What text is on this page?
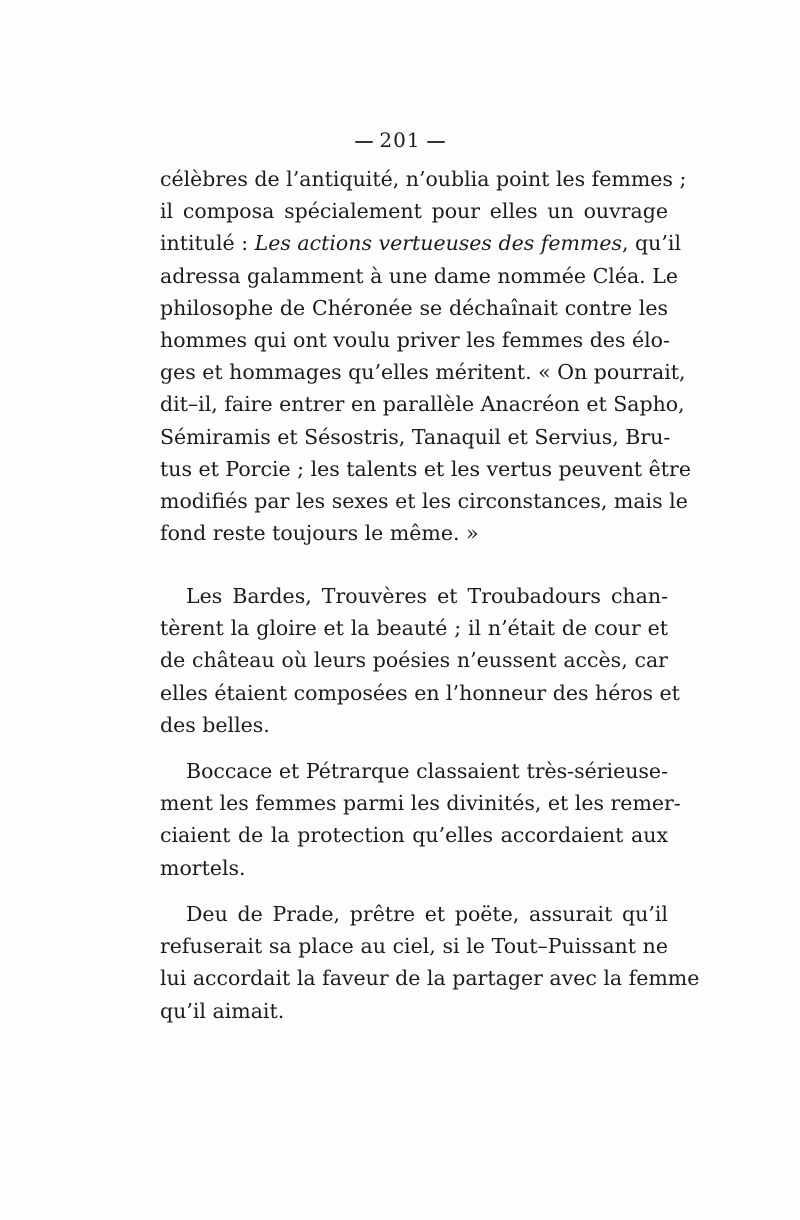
201
célèbres de l’antiquité, n’oublia point les femmes ;
il composa spécialement pour elles un ouvrage
intitulé : Les actions vertueuses des femmes, qu’il
adressa galamment à une dame nommée Cléa. Le
philosophe de Chéronée se déchaînait contre les
hommes qui ont voulu priver les femmes des élo-
ges et hommages qu’elles méritent. « On pourrait,
dit–il, faire entrer en parallèle Anacréon et Sapho,
Sémiramis et Sésostris, Tanaquil et Servius, Bru-
tus et Porcie ; les talents et les vertus peuvent être
modifiés par les sexes et les circonstances, mais le
fond reste toujours le même. »
Les Bardes, Trouvères et Troubadours chan-
tèrent la gloire et la beauté ; il n’était de cour et
de château où leurs poésies n’eussent accès, car
elles étaient composées en l’honneur des héros et
des belles.
Boccace et Pétrarque classaient très-sérieuse-
ment les femmes parmi les divinités, et les remer-
ciaient de la protection qu’elles accordaient aux
mortels.
Deu de Prade, prêtre et poëte, assurait qu’il
refuserait sa place au ciel, si le Tout–Puissant ne
lui accordait la faveur de la partager avec la femme
qu’il aimait.
